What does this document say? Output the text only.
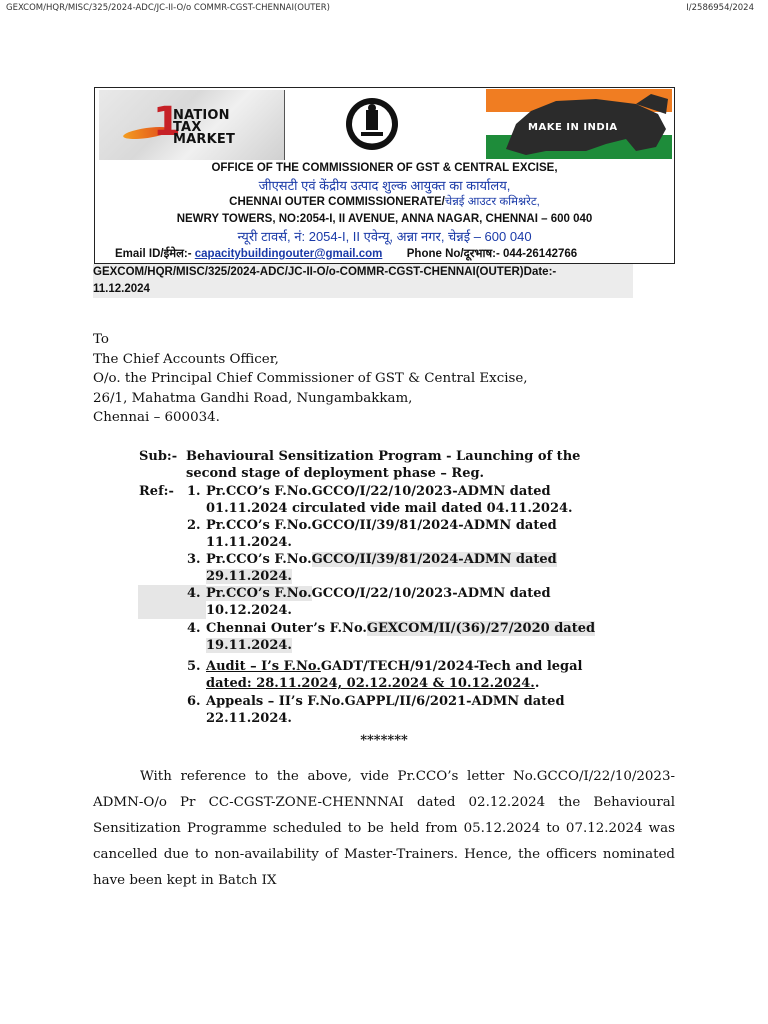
GEXCOM/HQR/MISC/325/2024-ADC/JC-II-O/o COMMR-CGST-CHENNAI(OUTER)	I/2586954/2024
1
NATION
TAX
MARKET
MAKE IN INDIA
OFFICE OF THE COMMISSIONER OF GST & CENTRAL EXCISE,
जीएसटी एवं केंद्रीय उत्पाद शुल्क आयुक्त का कार्यालय,
CHENNAI OUTER COMMISSIONERATE/चेन्नई आउटर कमिश्नरेट,
NEWRY TOWERS, NO:2054-I, II AVENUE, ANNA NAGAR, CHENNAI – 600 040
न्यूरी टावर्स, नं: 2054-I, II एवेन्यू, अन्ना नगर, चेन्नई – 600 040
Email ID/ईमेल:- capacitybuildingouter@gmail.com Phone No/दूरभाष:- 044-26142766
GEXCOM/HQR/MISC/325/2024-ADC/JC-II-O/o-COMMR-CGST-CHENNAI(OUTER)Date:-
11.12.2024
To
The Chief Accounts Officer,
O/o. the Principal Chief Commissioner of GST & Central Excise,
26/1, Mahatma Gandhi Road, Nungambakkam,
Chennai – 600034.
Sub:- Behavioural Sensitization Program - Launching of the
second stage of deployment phase – Reg.
Ref:- 1. Pr.CCO’s F.No.GCCO/I/22/10/2023-ADMN dated
01.11.2024 circulated vide mail dated 04.11.2024.
2. Pr.CCO’s F.No.GCCO/II/39/81/2024-ADMN dated
11.11.2024.
3. Pr.CCO’s F.No.GCCO/II/39/81/2024-ADMN dated
29.11.2024.
4. Pr.CCO’s F.No.GCCO/I/22/10/2023-ADMN dated
10.12.2024.
4. Chennai Outer’s F.No.GEXCOM/II/(36)/27/2020 dated
19.11.2024.
5. Audit – I’s F.No.GADT/TECH/91/2024-Tech and legal
dated: 28.11.2024, 02.12.2024 & 10.12.2024..
6. Appeals – II’s F.No.GAPPL/II/6/2021-ADMN dated
22.11.2024.
*******

With reference to the above, vide Pr.CCO’s letter No.GCCO/I/22/10/2023-ADMN-O/o Pr CC-CGST-ZONE-CHENNNAI dated 02.12.2024 the Behavioural Sensitization Programme scheduled to be held from 05.12.2024 to 07.12.2024 was cancelled due to non-availability of Master-Trainers. Hence, the officers nominated have been kept in Batch IX
